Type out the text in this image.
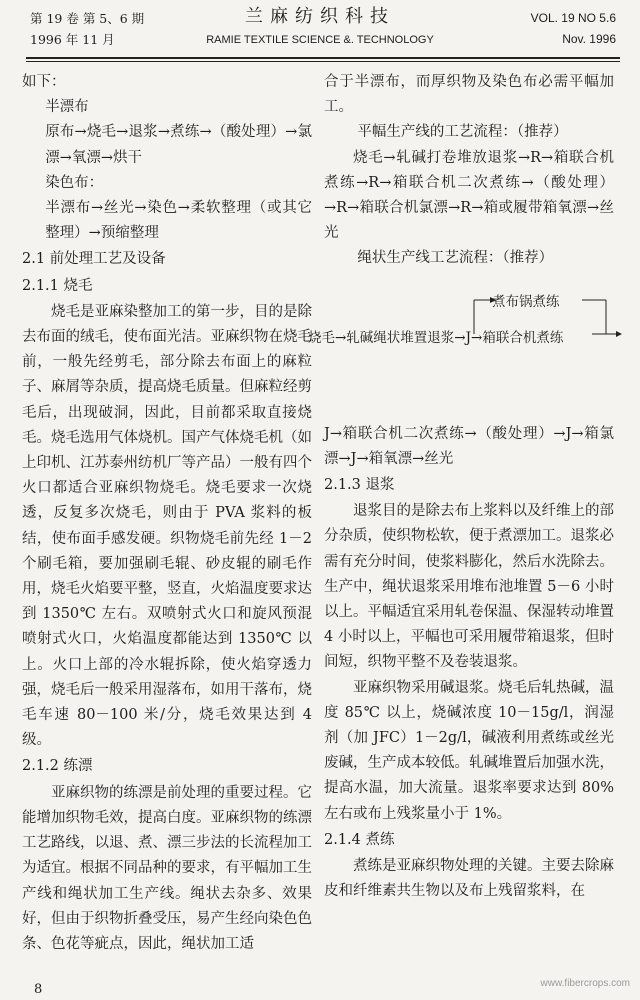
第 19 卷 第 5、6 期
1996 年 11 月
兰麻纺织科技
RAMIE TEXTILE SCIENCE &. TECHNOLOGY
VOL. 19 NO 5.6
Nov. 1996

如下：

半漂布

原布→烧毛→退浆→煮练→（酸处理）→氯漂→氧漂→烘干

染色布：

半漂布→丝光→染色→柔软整理（或其它整理）→预缩整理

2.1 前处理工艺及设备

2.1.1 烧毛

烧毛是亚麻染整加工的第一步，目的是除去布面的绒毛，使布面光洁。亚麻织物在烧毛前，一般先经剪毛，部分除去布面上的麻粒子、麻屑等杂质，提高烧毛质量。但麻粒经剪毛后，出现破洞，因此，目前都采取直接烧毛。烧毛选用气体烧机。国产气体烧毛机（如上印机、江苏泰州纺机厂等产品）一般有四个火口都适合亚麻织物烧毛。烧毛要求一次烧透，反复多次烧毛，则由于 PVA 浆料的板结，使布面手感发硬。织物烧毛前先经 1－2 个刷毛箱，要加强刷毛辊、砂皮辊的刷毛作用，烧毛火焰要平整，竖直，火焰温度要求达到 1350℃ 左右。双喷射式火口和旋风预混喷射式火口，火焰温度都能达到 1350℃ 以上。火口上部的冷水辊拆除，使火焰穿透力强，烧毛后一般采用湿落布，如用干落布，烧毛车速 80－100 米/分，烧毛效果达到 4 级。

2.1.2 练漂

亚麻织物的练漂是前处理的重要过程。它能增加织物毛效，提高白度。亚麻织物的练漂工艺路线，以退、煮、漂三步法的长流程加工为适宜。根据不同品种的要求，有平幅加工生产线和绳状加工生产线。绳状去杂多、效果好，但由于织物折叠受压，易产生经向染色色条、色花等疵点，因此，绳状加工适

合于半漂布，而厚织物及染色布必需平幅加工。

平幅生产线的工艺流程：（推荐）

烧毛→轧碱打卷堆放退浆→R→箱联合机煮练→R→箱联合机二次煮练→（酸处理）→R→箱联合机氯漂→R→箱或履带箱氧漂→丝光

绳状生产线工艺流程：（推荐）

煮布锅煮练
烧毛→轧碱绳状堆置退浆→J→箱联合机煮练

J→箱联合机二次煮练→（酸处理）→J→箱氯漂→J→箱氧漂→丝光

2.1.3 退浆

退浆目的是除去布上浆料以及纤维上的部分杂质，使织物松软，便于煮漂加工。退浆必需有充分时间，使浆料膨化，然后水洗除去。生产中，绳状退浆采用堆布池堆置 5－6 小时以上。平幅适宜采用轧卷保温、保湿转动堆置 4 小时以上，平幅也可采用履带箱退浆，但时间短，织物平整不及卷装退浆。

亚麻织物采用碱退浆。烧毛后轧热碱，温度 85℃ 以上，烧碱浓度 10－15g/l，润湿剂（加 JFC）1－2g/l，碱液利用煮练或丝光废碱，生产成本较低。轧碱堆置后加强水洗，提高水温，加大流量。退浆率要求达到 80% 左右或布上残浆量小于 1%。

2.1.4 煮练

煮练是亚麻织物处理的关键。主要去除麻皮和纤维素共生物以及布上残留浆料，在

8	www.fibercrops.com
